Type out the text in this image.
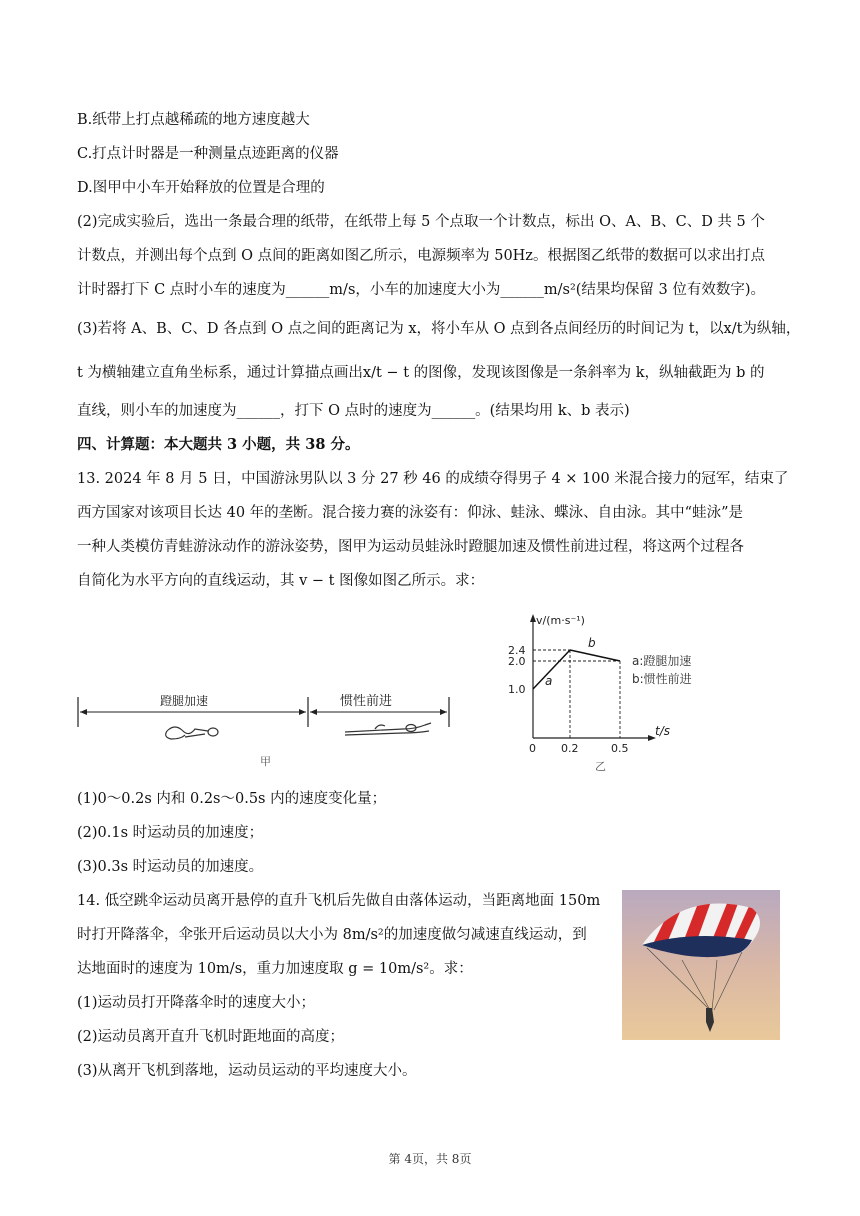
B.纸带上打点越稀疏的地方速度越大
C.打点计时器是一种测量点迹距离的仪器
D.图甲中小车开始释放的位置是合理的
(2)完成实验后，选出一条最合理的纸带，在纸带上每 5 个点取一个计数点，标出 O、A、B、C、D 共 5 个
计数点，并测出每个点到 O 点间的距离如图乙所示，电源频率为 50Hz。根据图乙纸带的数据可以求出打点
计时器打下 C 点时小车的速度为______m/s，小车的加速度大小为______m/s²(结果均保留 3 位有效数字)。
(3)若将 A、B、C、D 各点到 O 点之间的距离记为 x，将小车从 O 点到各点间经历的时间记为 t，以x/t为纵轴，
t 为横轴建立直角坐标系，通过计算描点画出x/t − t 的图像，发现该图像是一条斜率为 k，纵轴截距为 b 的
直线，则小车的加速度为______，打下 O 点时的速度为______。(结果均用 k、b 表示)
四、计算题：本大题共 3 小题，共 38 分。
13. 2024 年 8 月 5 日，中国游泳男队以 3 分 27 秒 46 的成绩夺得男子 4 × 100 米混合接力的冠军，结束了
西方国家对该项目长达 40 年的垄断。混合接力赛的泳姿有：仰泳、蛙泳、蝶泳、自由泳。其中“蛙泳”是
一种人类模仿青蛙游泳动作的游泳姿势，图甲为运动员蛙泳时蹬腿加速及惯性前进过程，将这两个过程各
自简化为水平方向的直线运动，其 v − t 图像如图乙所示。求：
蹬腿加速	惯性前进
甲
v/(m·s⁻¹)
t/s
2.4
2.0
1.0
0 0.2	0.5
a
b
a:蹬腿加速
b:惯性前进
乙
(1)0～0.2s 内和 0.2s～0.5s 内的速度变化量；
(2)0.1s 时运动员的加速度；
(3)0.3s 时运动员的加速度。
14. 低空跳伞运动员离开悬停的直升飞机后先做自由落体运动，当距离地面 150m
时打开降落伞，伞张开后运动员以大小为 8m/s²的加速度做匀减速直线运动，到
达地面时的速度为 10m/s，重力加速度取 g = 10m/s²。求：
(1)运动员打开降落伞时的速度大小；
(2)运动员离开直升飞机时距地面的高度；
(3)从离开飞机到落地，运动员运动的平均速度大小。
第 4页，共 8页
